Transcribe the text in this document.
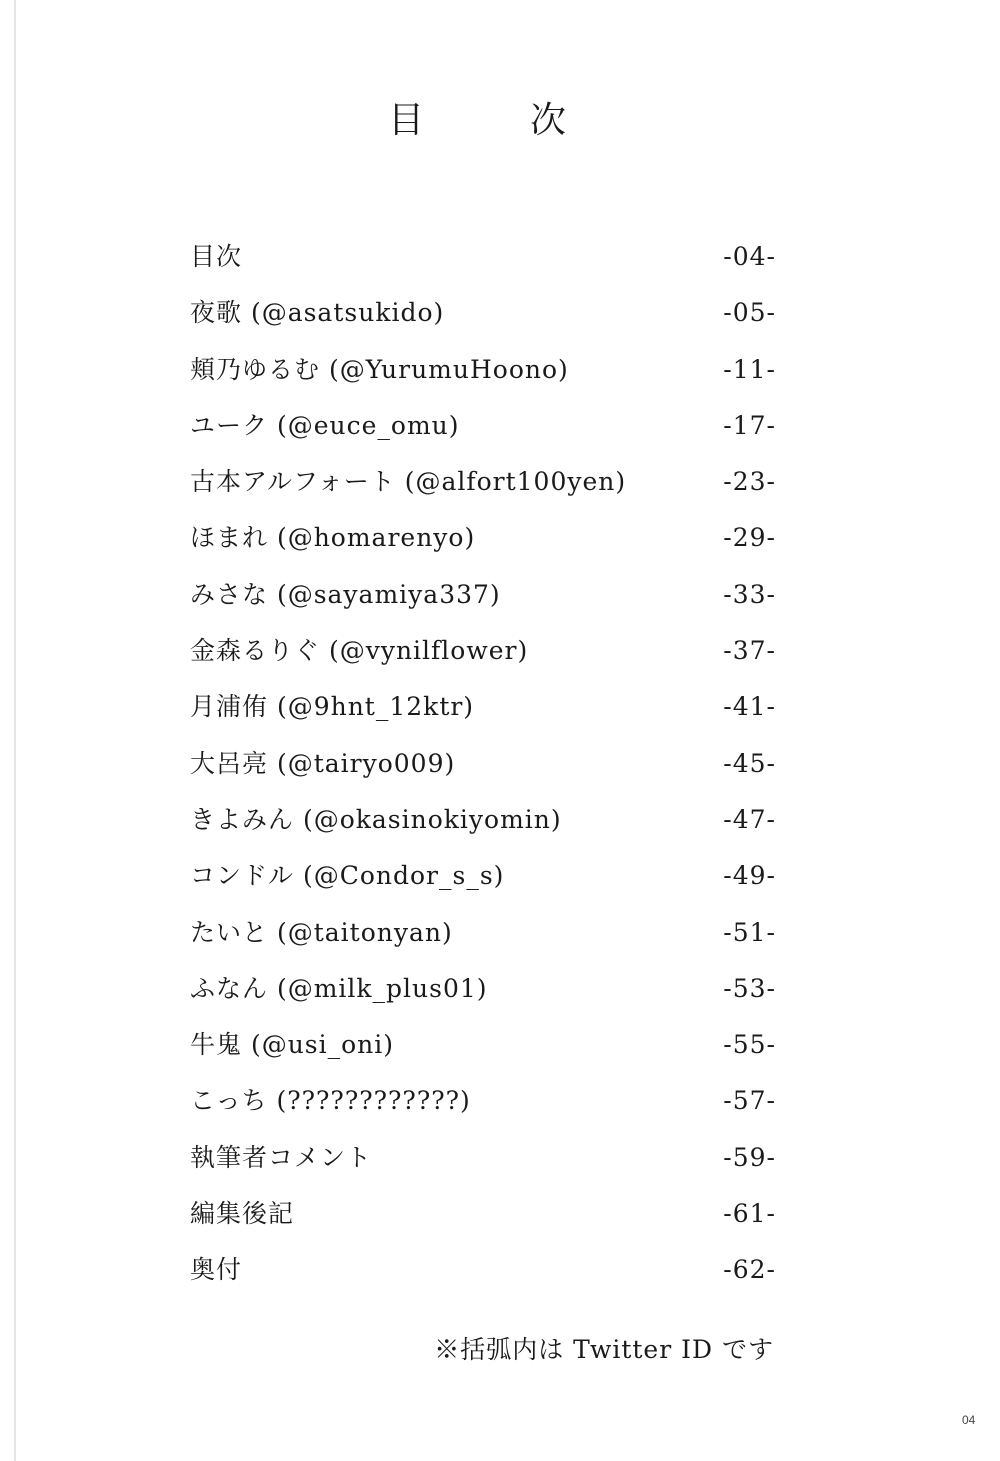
目	次
目次	-04-
夜歌 (@asatsukido)	-05-
頬乃ゆるむ (@YurumuHoono)	-11-
ユーク (@euce_omu)	-17-
古本アルフォート (@alfort100yen)	-23-
ほまれ (@homarenyo)	-29-
みさな (@sayamiya337)	-33-
金森るりぐ (@vynilflower)	-37-
月浦侑 (@9hnt_12ktr)	-41-
大呂亮 (@tairyo009)	-45-
きよみん (@okasinokiyomin)	-47-
コンドル (@Condor_s_s)	-49-
たいと (@taitonyan)	-51-
ふなん (@milk_plus01)	-53-
牛鬼 (@usi_oni)	-55-
こっち (????????????)	-57-
執筆者コメント	-59-
編集後記	-61-
奥付	-62-
※括弧内は Twitter ID です
04
